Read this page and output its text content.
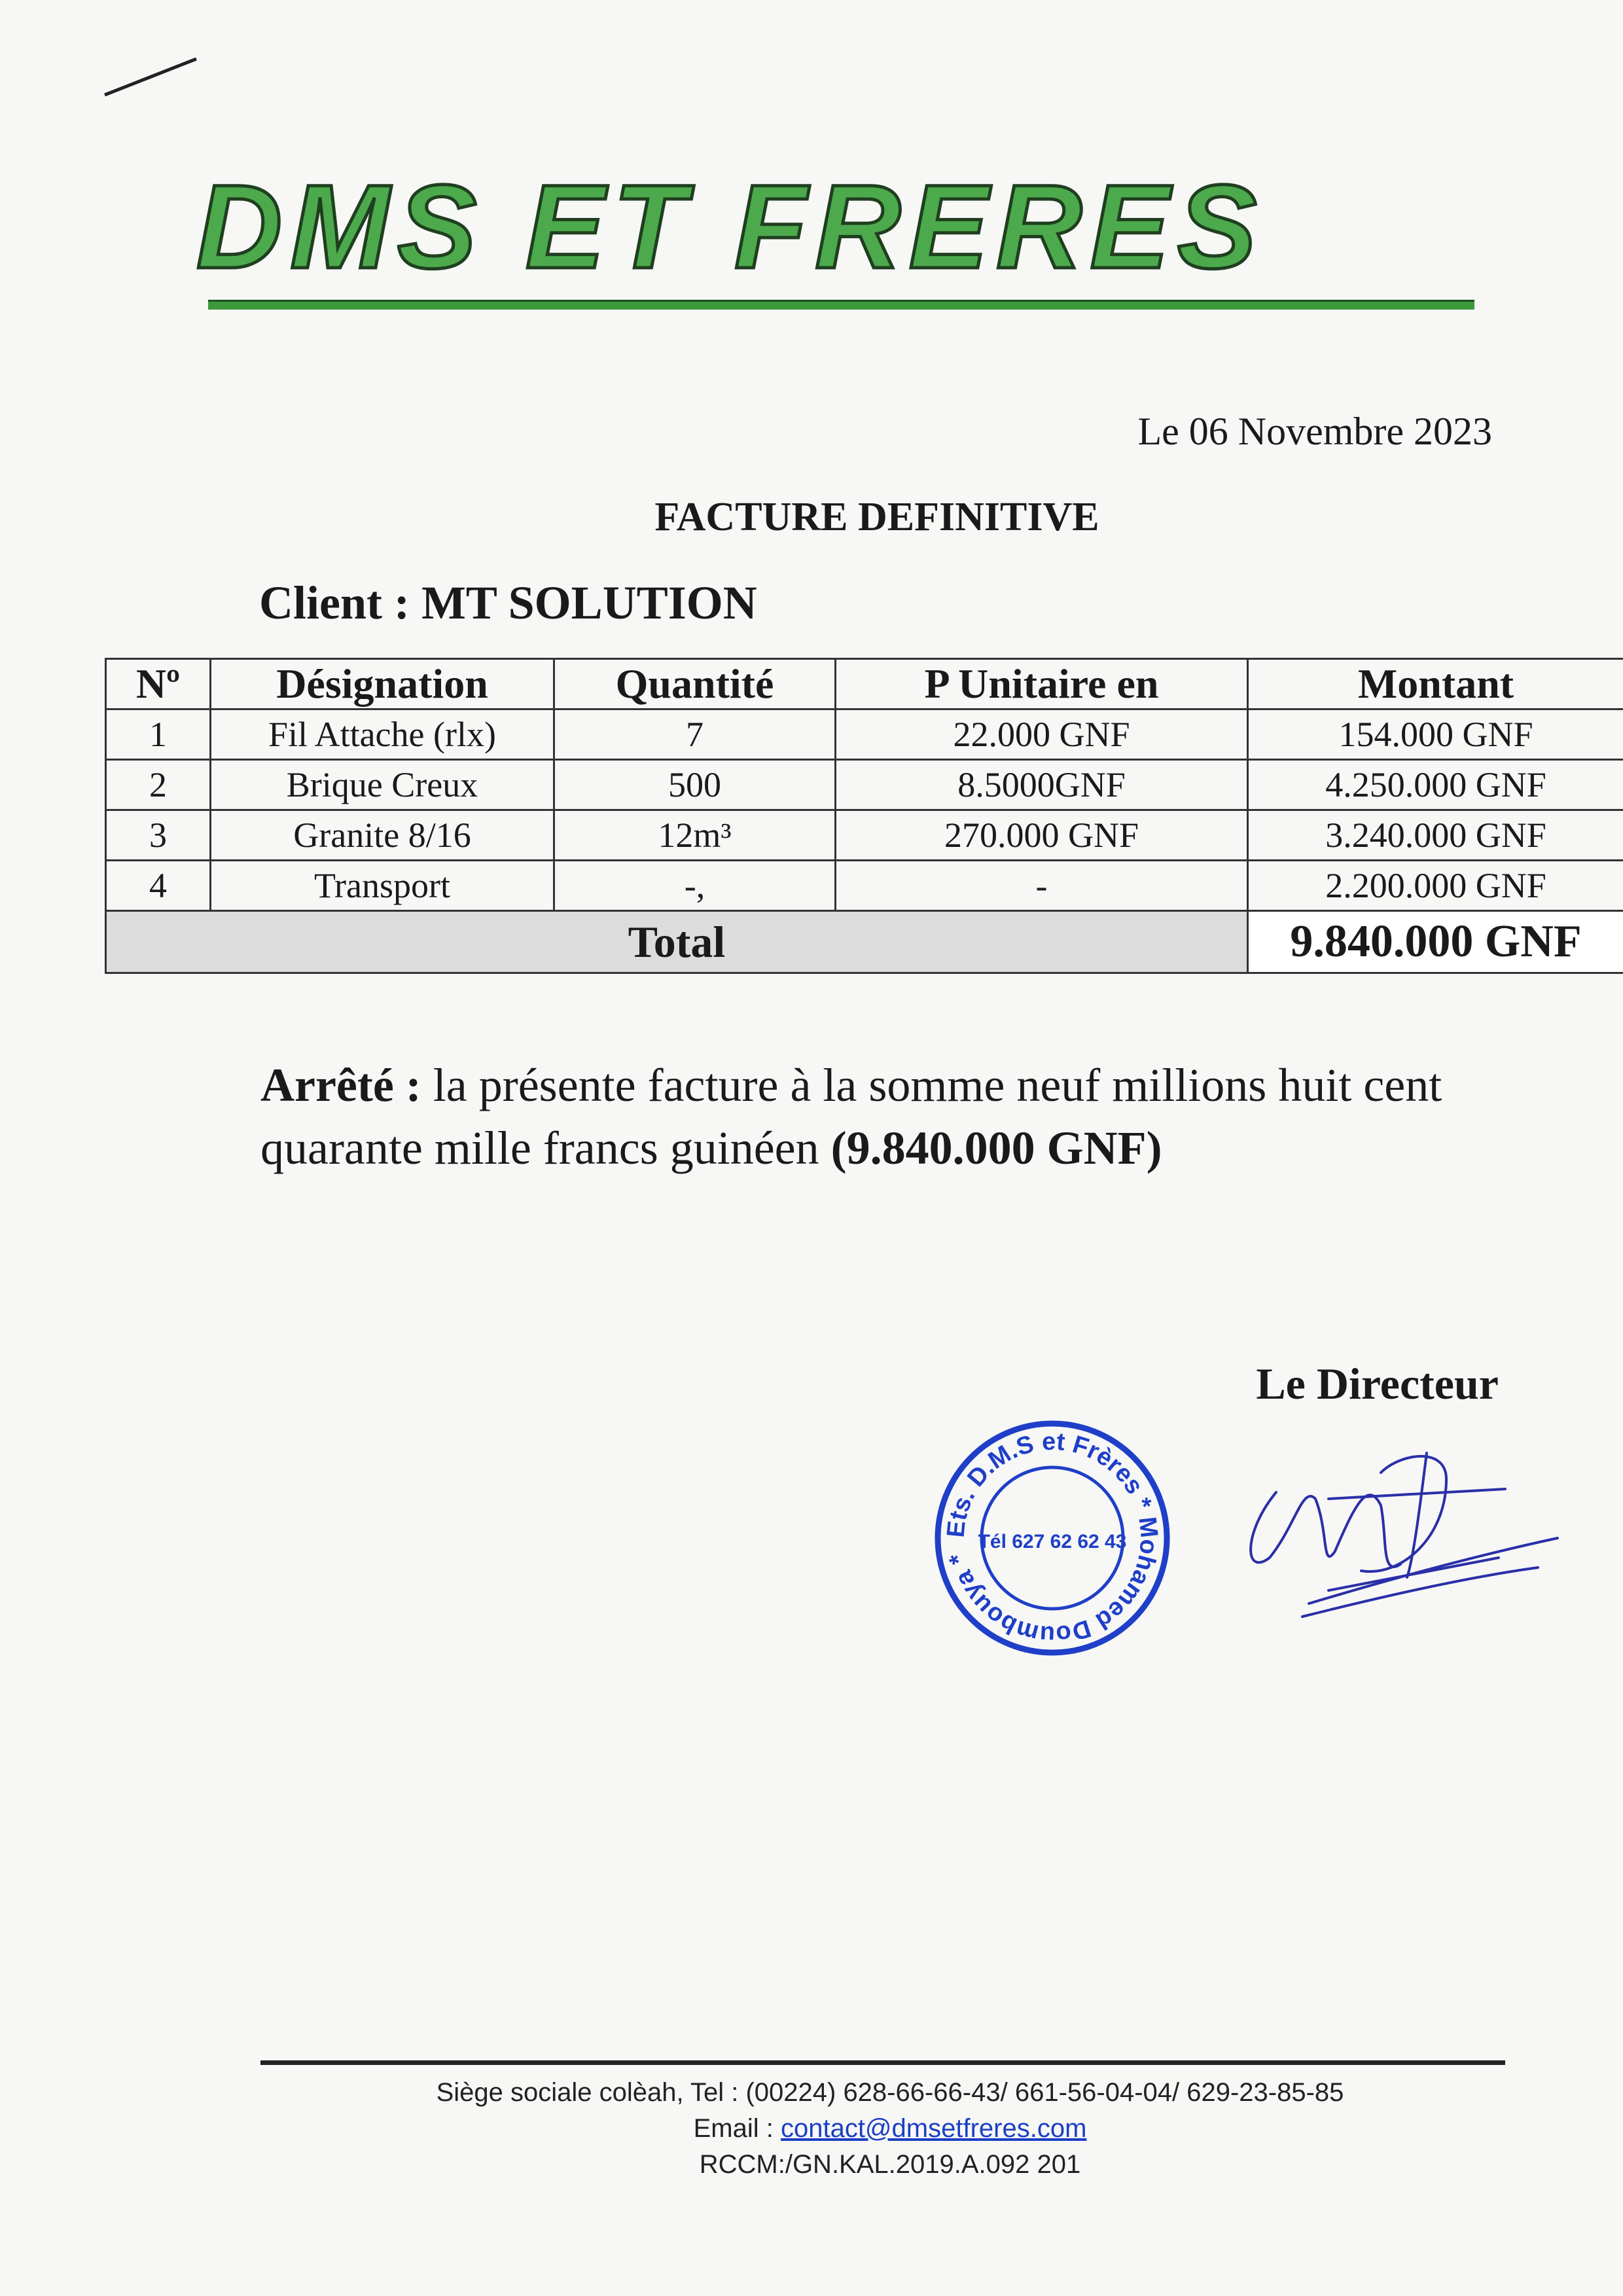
DMS ET FRERES
Le 06 Novembre 2023
FACTURE DEFINITIVE
Client : MT SOLUTION
Nº	Désignation	Quantité	P Unitaire en	Montant
1	Fil Attache (rlx)	7	22.000 GNF	154.000 GNF
2	Brique Creux	500	8.5000GNF	4.250.000 GNF
3	Granite 8/16	12m³	270.000 GNF	3.240.000 GNF
4	Transport	-,	-	2.200.000 GNF
Total				9.840.000 GNF
Arrêté : la présente facture à la somme neuf millions huit cent quarante mille francs guinéen (9.840.000 GNF)
Le Directeur
Ets. D.M.S et Frères * Mohamed Doumbouya *
Tél 627 62 62 43
Siège sociale colèah, Tel : (00224) 628-66-66-43/ 661-56-04-04/ 629-23-85-85
Email : contact@dmsetfreres.com
RCCM:/GN.KAL.2019.A.092 201
